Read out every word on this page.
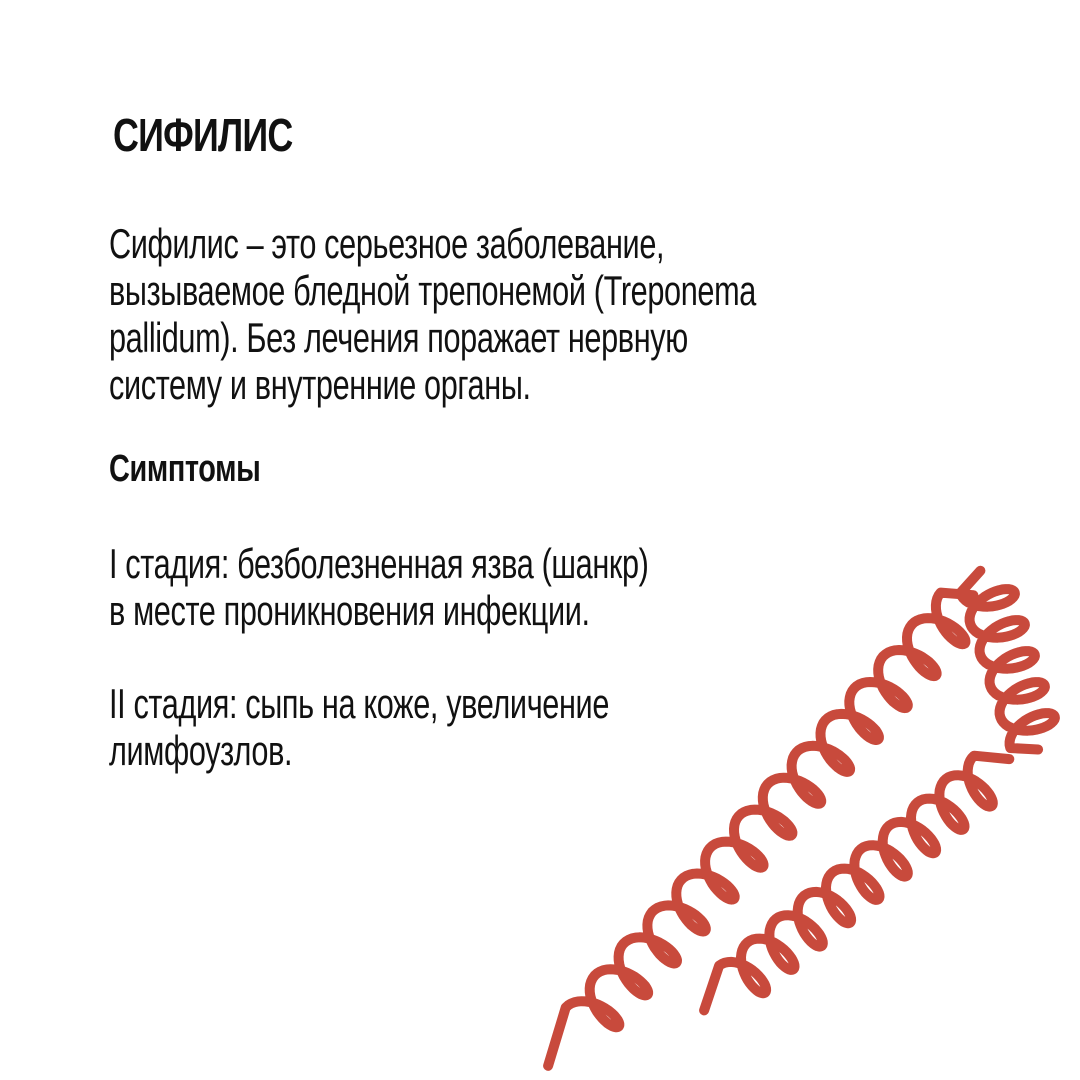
СИФИЛИС
Сифилис – это серьезное заболевание,
вызываемое бледной трепонемой (Treponema
pallidum). Без лечения поражает нервную
систему и внутренние органы.
Симптомы
I стадия: безболезненная язва (шанкр)
в месте проникновения инфекции.
II стадия: сыпь на коже, увеличение
лимфоузлов.
